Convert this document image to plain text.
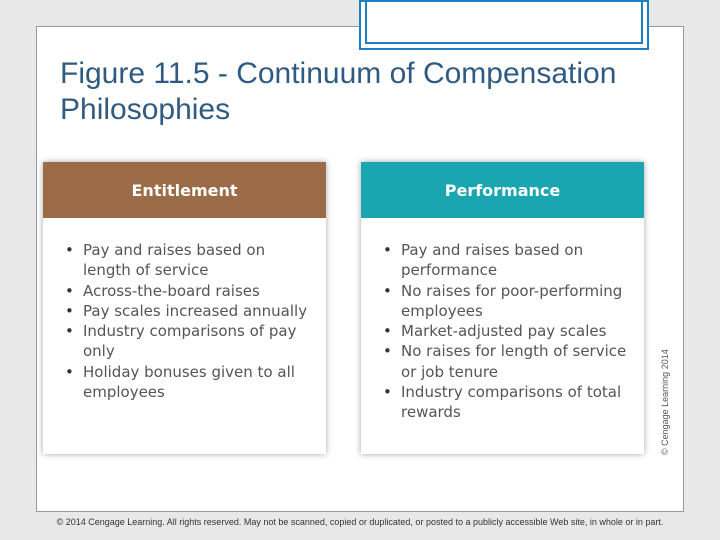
Figure 11.5 - Continuum of Compensation Philosophies
Entitlement
• Pay and raises based on length of service
• Across-the-board raises
• Pay scales increased annually
• Industry comparisons of pay only
• Holiday bonuses given to all employees
Performance
• Pay and raises based on performance
• No raises for poor-performing employees
• Market-adjusted pay scales
• No raises for length of service or job tenure
• Industry comparisons of total rewards	© Cengage Learning 2014
© 2014 Cengage Learning. All rights reserved. May not be scanned, copied or duplicated, or posted to a publicly accessible Web site, in whole or in part.
